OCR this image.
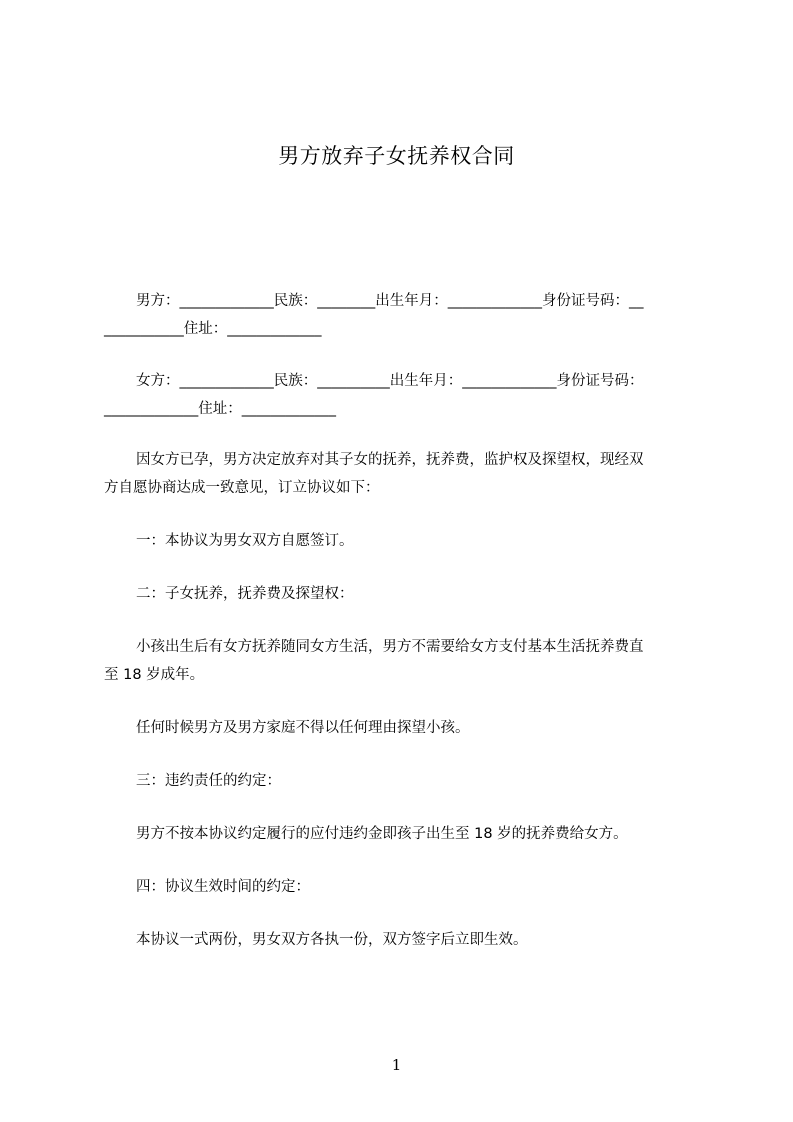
男方放弃子女抚养权合同
男方：_____________民族：________出生年月：_____________身份证号码：__
___________住址：_____________
女方：_____________民族：__________出生年月：_____________身份证号码：
_____________住址：_____________
因女方已孕，男方决定放弃对其子女的抚养，抚养费，监护权及探望权，现经双
方自愿协商达成一致意见，订立协议如下：
一：本协议为男女双方自愿签订。
二：子女抚养，抚养费及探望权：
小孩出生后有女方抚养随同女方生活，男方不需要给女方支付基本生活抚养费直
至 18 岁成年。
任何时候男方及男方家庭不得以任何理由探望小孩。
三：违约责任的约定：
男方不按本协议约定履行的应付违约金即孩子出生至 18 岁的抚养费给女方。
四：协议生效时间的约定：
本协议一式两份，男女双方各执一份，双方签字后立即生效。
1
